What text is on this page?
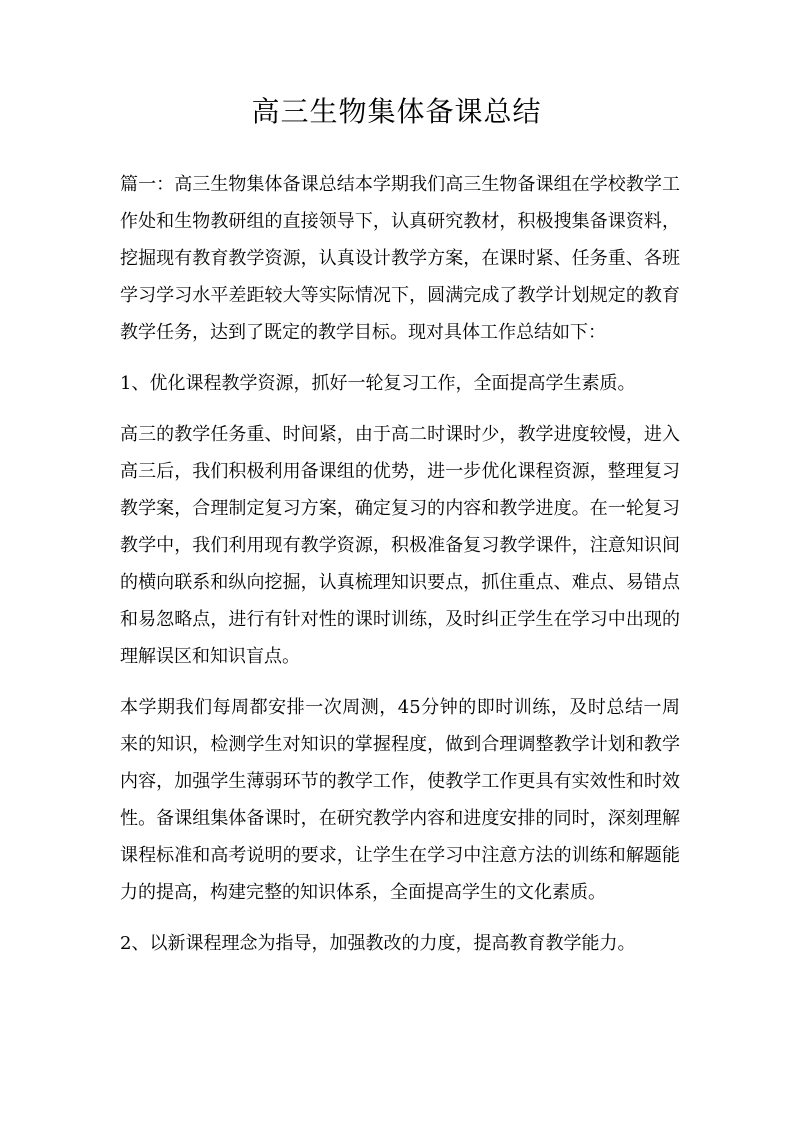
高三生物集体备课总结

篇一：高三生物集体备课总结本学期我们高三生物备课组在学校教学工作处和生物教研组的直接领导下，认真研究教材，积极搜集备课资料，挖掘现有教育教学资源，认真设计教学方案，在课时紧、任务重、各班学习学习水平差距较大等实际情况下，圆满完成了教学计划规定的教育教学任务，达到了既定的教学目标。现对具体工作总结如下：

1、优化课程教学资源，抓好一轮复习工作，全面提高学生素质。

高三的教学任务重、时间紧，由于高二时课时少，教学进度较慢，进入高三后，我们积极利用备课组的优势，进一步优化课程资源，整理复习教学案，合理制定复习方案，确定复习的内容和教学进度。在一轮复习教学中，我们利用现有教学资源，积极准备复习教学课件，注意知识间的横向联系和纵向挖掘，认真梳理知识要点，抓住重点、难点、易错点和易忽略点，进行有针对性的课时训练，及时纠正学生在学习中出现的理解误区和知识盲点。

本学期我们每周都安排一次周测，45分钟的即时训练，及时总结一周来的知识，检测学生对知识的掌握程度，做到合理调整教学计划和教学内容，加强学生薄弱环节的教学工作，使教学工作更具有实效性和时效性。备课组集体备课时，在研究教学内容和进度安排的同时，深刻理解课程标准和高考说明的要求，让学生在学习中注意方法的训练和解题能力的提高，构建完整的知识体系，全面提高学生的文化素质。

2、以新课程理念为指导，加强教改的力度，提高教育教学能力。
